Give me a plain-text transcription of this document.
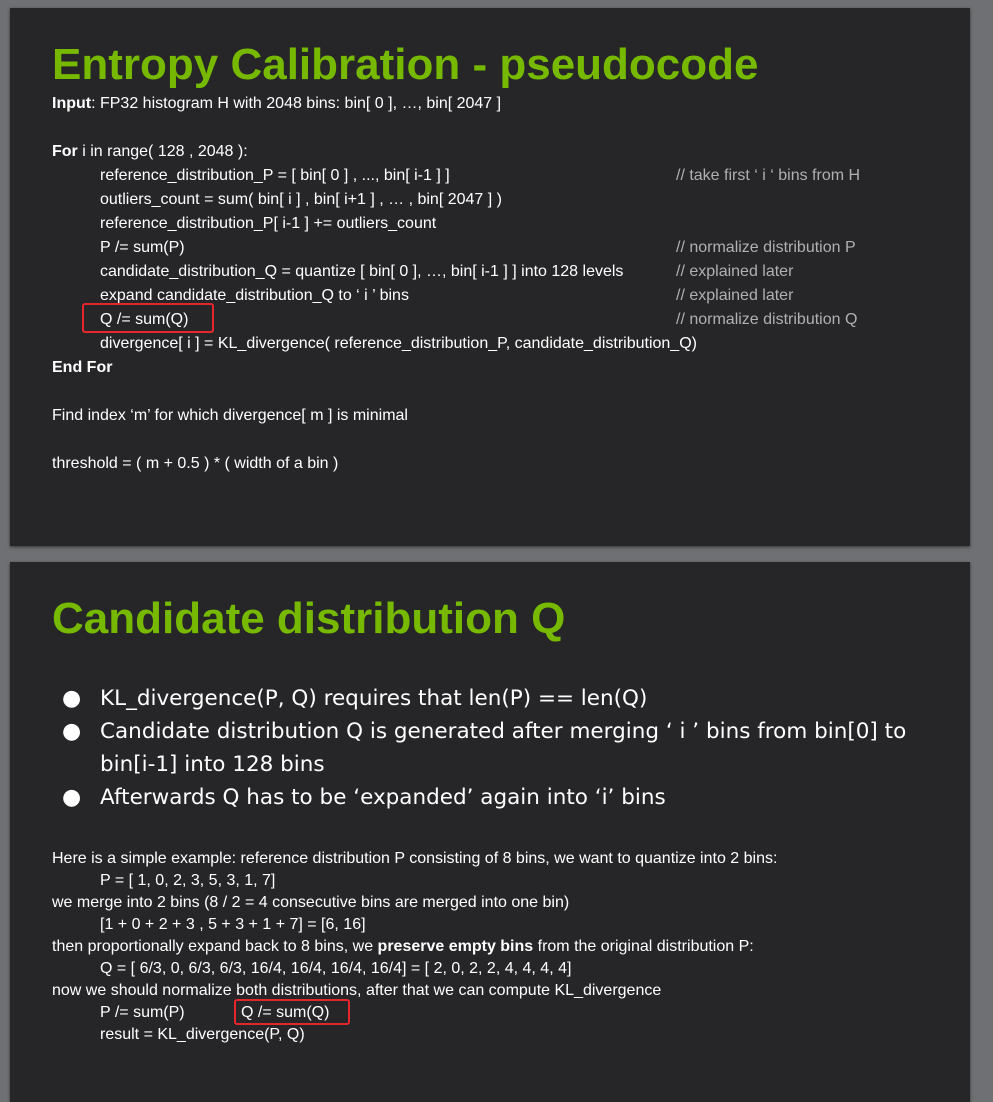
Entropy Calibration - pseudocode
Input: FP32 histogram H with 2048 bins: bin[ 0 ], …, bin[ 2047 ]
For i in range( 128 , 2048 ):
reference_distribution_P = [ bin[ 0 ] , ..., bin[ i-1 ] ]	// take first ‘ i ‘ bins from H
outliers_count = sum( bin[ i ] , bin[ i+1 ] , … , bin[ 2047 ] )
reference_distribution_P[ i-1 ] += outliers_count
P /= sum(P)	// normalize distribution P
candidate_distribution_Q = quantize [ bin[ 0 ], …, bin[ i-1 ] ] into 128 levels	// explained later
expand candidate_distribution_Q to ‘ i ’ bins	// explained later
Q /= sum(Q)	// normalize distribution Q
divergence[ i ] = KL_divergence( reference_distribution_P, candidate_distribution_Q)
End For
Find index ‘m’ for which divergence[ m ] is minimal
threshold = ( m + 0.5 ) * ( width of a bin )
Candidate distribution Q
● KL_divergence(P, Q) requires that len(P) == len(Q)
● Candidate distribution Q is generated after merging ‘ i ’ bins from bin[0] to bin[i-1] into 128 bins
● Afterwards Q has to be ‘expanded’ again into ‘i’ bins
Here is a simple example: reference distribution P consisting of 8 bins, we want to quantize into 2 bins:
P = [ 1, 0, 2, 3, 5, 3, 1, 7]
we merge into 2 bins (8 / 2 = 4 consecutive bins are merged into one bin)
[1 + 0 + 2 + 3 , 5 + 3 + 1 + 7] = [6, 16]
then proportionally expand back to 8 bins, we preserve empty bins from the original distribution P:
Q = [ 6/3, 0, 6/3, 6/3, 16/4, 16/4, 16/4, 16/4] = [ 2, 0, 2, 2, 4, 4, 4, 4]
now we should normalize both distributions, after that we can compute KL_divergence
P /= sum(P)	Q /= sum(Q)
result = KL_divergence(P, Q)
